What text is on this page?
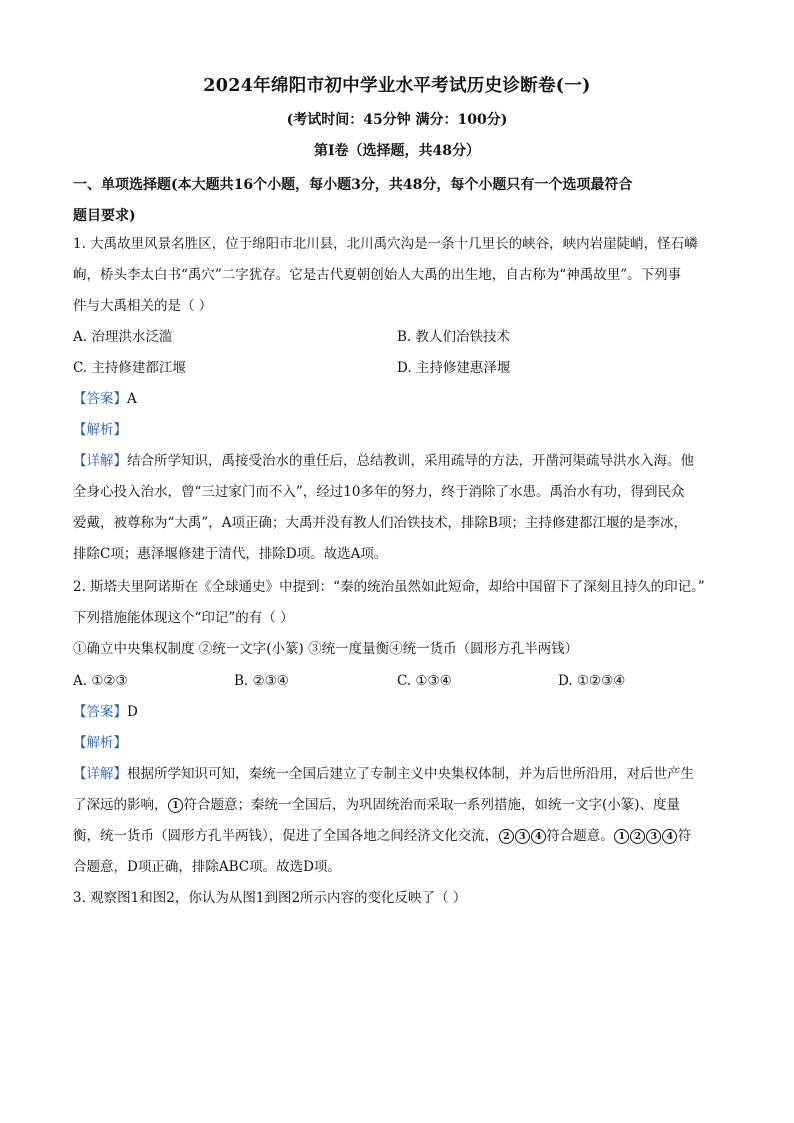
2024年绵阳市初中学业水平考试历史诊断卷(一)
(考试时间：45分钟 满分：100分)
第Ⅰ卷（选择题，共48分）
一、单项选择题(本大题共16个小题，每小题3分，共48分，每个小题只有一个选项最符合
题目要求)
1. 大禹故里风景名胜区，位于绵阳市北川县，北川禹穴沟是一条十几里长的峡谷，峡内岩崖陡峭，怪石嶙
峋，桥头李太白书“禹穴”二字犹存。它是古代夏朝创始人大禹的出生地，自古称为“神禹故里”。下列事
件与大禹相关的是（ ）
A. 治理洪水泛滥	B. 教人们冶铁技术
C. 主持修建都江堰	D. 主持修建惠泽堰
【答案】A
【解析】
【详解】结合所学知识，禹接受治水的重任后，总结教训，采用疏导的方法，开凿河渠疏导洪水入海。他
全身心投入治水，曾“三过家门而不入”，经过10多年的努力，终于消除了水患。禹治水有功，得到民众
爱戴，被尊称为“大禹”，A项正确；大禹并没有教人们冶铁技术，排除B项；主持修建都江堰的是李冰，
排除C项；惠泽堰修建于清代，排除D项。故选A项。
2. 斯塔夫里阿诺斯在《全球通史》中提到：“秦的统治虽然如此短命，却给中国留下了深刻且持久的印记。”
下列措施能体现这个“印记”的有（ ）
①确立中央集权制度 ②统一文字(小篆) ③统一度量衡④统一货币（圆形方孔半两钱）
A. ①②③	B. ②③④	C. ①③④	D. ①②③④
【答案】D
【解析】
【详解】根据所学知识可知，秦统一全国后建立了专制主义中央集权体制，并为后世所沿用，对后世产生
了深远的影响， 1 符合题意；秦统一全国后，为巩固统治而采取一系列措施，如统一文字(小篆)、度量
衡，统一货币（圆形方孔半两钱），促进了全国各地之间经济文化交流， 2 3 4 符合题意。 1 2 3 4 符
合题意，D项正确，排除ABC项。故选D项。
3. 观察图1和图2，你认为从图1到图2所示内容的变化反映了（ ）
